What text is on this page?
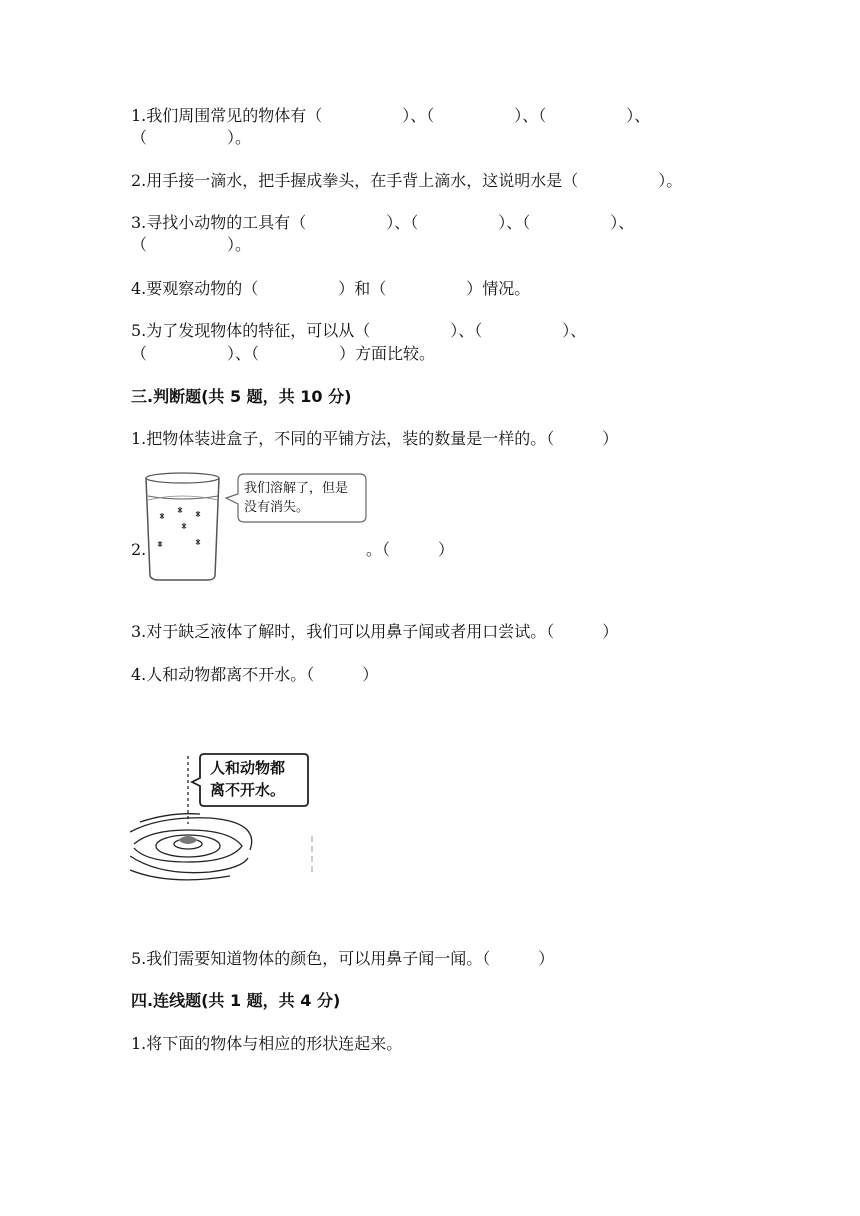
1.我们周围常见的物体有（　　　　　）、（　　　　　）、（　　　　　）、
（　　　　　）。
2.用手接一滴水，把手握成拳头，在手背上滴水，这说明水是（　　　　　）。
3.寻找小动物的工具有（　　　　　）、（　　　　　）、（　　　　　）、
（　　　　　）。
4.要观察动物的（　　　　　）和（　　　　　）情况。
5.为了发现物体的特征，可以从（　　　　　）、（　　　　　）、
（　　　　　）、（　　　　　）方面比较。
三.判断题(共 5 题，共 10 分)
1.把物体装进盒子，不同的平铺方法，装的数量是一样的。（　　　）
2.
我们溶解了，但是
没有消失。
。（　　　）
3.对于缺乏液体了解时，我们可以用鼻子闻或者用口尝试。（　　　）
4.人和动物都离不开水。（　　　）
人和动物都
离不开水。
5.我们需要知道物体的颜色，可以用鼻子闻一闻。（　　　）
四.连线题(共 1 题，共 4 分)
1.将下面的物体与相应的形状连起来。
